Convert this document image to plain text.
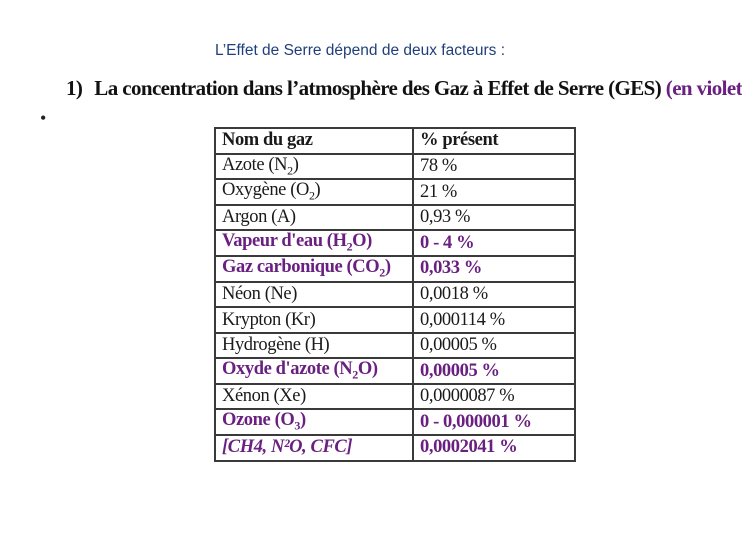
L’Effet de Serre dépend de deux facteurs :
1) La concentration dans l’atmosphère des Gaz à Effet de Serre (GES) (en violet
•
Nom du gaz	% présent
Azote $(N_2)$	78 %
Oxygène $(O_2)$	21 %
Argon (A)	0,93 %
Vapeur d'eau $(H_2O)$	0 - 4 %
Gaz carbonique $(CO_2)$	0,033 %
Néon (Ne)	0,0018 %
Krypton (Kr)	0,000114 %
Hydrogène (H)	0,00005 %
Oxyde d'azote $(N_2O)$	0,00005 %
Xénon (Xe)	0,0000087 %
Ozone $(O_3)$	0 - 0,000001 %
[CH4, N²O, CFC]	0,0002041 %
